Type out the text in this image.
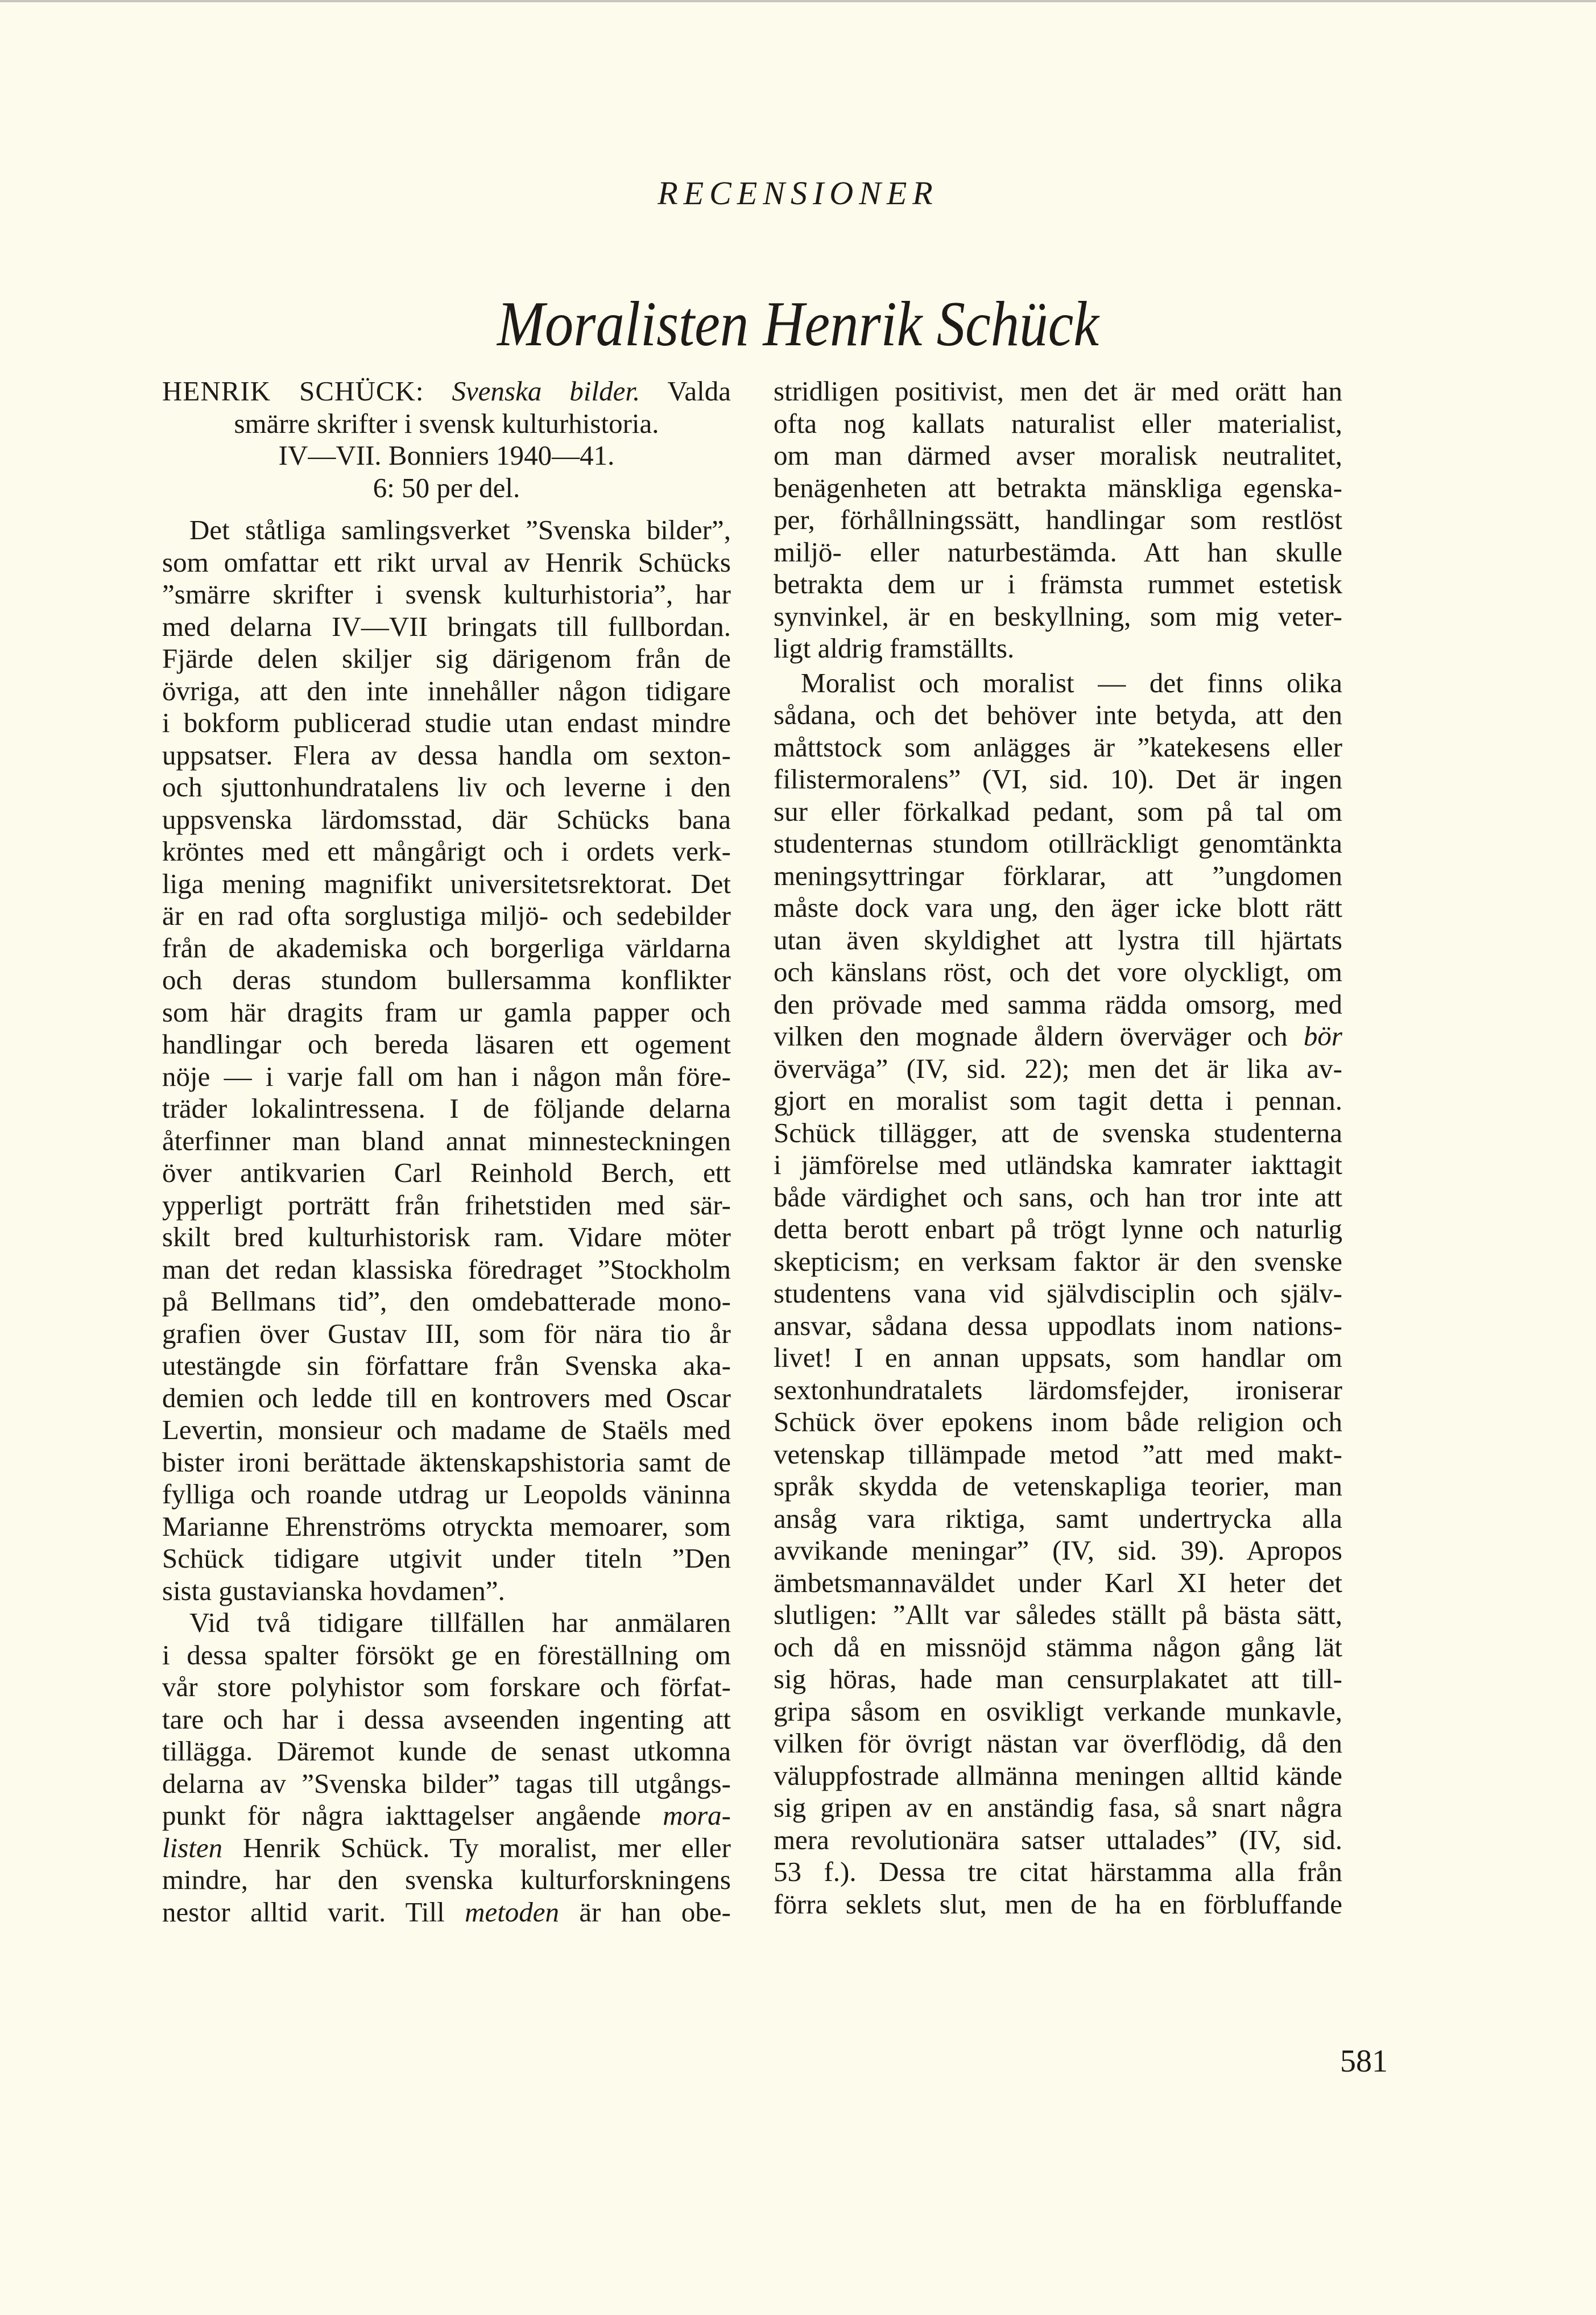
RECENSIONER
Moralisten Henrik Schück
HENRIK SCHÜCK: Svenska bilder. Valda
smärre skrifter i svensk kulturhistoria.
IV—VII. Bonniers 1940—41.
6: 50 per del.
Det ståtliga samlingsverket ”Svenska bilder”,
som omfattar ett rikt urval av Henrik Schücks
”smärre skrifter i svensk kulturhistoria”, har
med delarna IV—VII bringats till fullbordan.
Fjärde delen skiljer sig därigenom från de
övriga, att den inte innehåller någon tidigare
i bokform publicerad studie utan endast mindre
uppsatser. Flera av dessa handla om sexton-
och sjuttonhundratalens liv och leverne i den
uppsvenska lärdomsstad, där Schücks bana
kröntes med ett mångårigt och i ordets verk-
liga mening magnifikt universitetsrektorat. Det
är en rad ofta sorglustiga miljö- och sedebilder
från de akademiska och borgerliga världarna
och deras stundom bullersamma konflikter
som här dragits fram ur gamla papper och
handlingar och bereda läsaren ett ogement
nöje — i varje fall om han i någon mån före-
träder lokalintressena. I de följande delarna
återfinner man bland annat minnesteckningen
över antikvarien Carl Reinhold Berch, ett
ypperligt porträtt från frihetstiden med sär-
skilt bred kulturhistorisk ram. Vidare möter
man det redan klassiska föredraget ”Stockholm
på Bellmans tid”, den omdebatterade mono-
grafien över Gustav III, som för nära tio år
utestängde sin författare från Svenska aka-
demien och ledde till en kontrovers med Oscar
Levertin, monsieur och madame de Staëls med
bister ironi berättade äktenskapshistoria samt de
fylliga och roande utdrag ur Leopolds väninna
Marianne Ehrenströms otryckta memoarer, som
Schück tidigare utgivit under titeln ”Den
sista gustavianska hovdamen”.
Vid två tidigare tillfällen har anmälaren
i dessa spalter försökt ge en föreställning om
vår store polyhistor som forskare och förfat-
tare och har i dessa avseenden ingenting att
tillägga. Däremot kunde de senast utkomna
delarna av ”Svenska bilder” tagas till utgångs-
punkt för några iakttagelser angående mora-
listen Henrik Schück. Ty moralist, mer eller
mindre, har den svenska kulturforskningens
nestor alltid varit. Till metoden är han obe-
stridligen positivist, men det är med orätt han
ofta nog kallats naturalist eller materialist,
om man därmed avser moralisk neutralitet,
benägenheten att betrakta mänskliga egenska-
per, förhållningssätt, handlingar som restlöst
miljö- eller naturbestämda. Att han skulle
betrakta dem ur i främsta rummet estetisk
synvinkel, är en beskyllning, som mig veter-
ligt aldrig framställts.
Moralist och moralist — det finns olika
sådana, och det behöver inte betyda, att den
måttstock som anlägges är ”katekesens eller
filistermoralens” (VI, sid. 10). Det är ingen
sur eller förkalkad pedant, som på tal om
studenternas stundom otillräckligt genomtänkta
meningsyttringar förklarar, att ”ungdomen
måste dock vara ung, den äger icke blott rätt
utan även skyldighet att lystra till hjärtats
och känslans röst, och det vore olyckligt, om
den prövade med samma rädda omsorg, med
vilken den mognade åldern överväger och bör
överväga” (IV, sid. 22); men det är lika av-
gjort en moralist som tagit detta i pennan.
Schück tillägger, att de svenska studenterna
i jämförelse med utländska kamrater iakttagit
både värdighet och sans, och han tror inte att
detta berott enbart på trögt lynne och naturlig
skepticism; en verksam faktor är den svenske
studentens vana vid självdisciplin och själv-
ansvar, sådana dessa uppodlats inom nations-
livet! I en annan uppsats, som handlar om
sextonhundratalets lärdomsfejder, ironiserar
Schück över epokens inom både religion och
vetenskap tillämpade metod ”att med makt-
språk skydda de vetenskapliga teorier, man
ansåg vara riktiga, samt undertrycka alla
avvikande meningar” (IV, sid. 39). Apropos
ämbetsmannaväldet under Karl XI heter det
slutligen: ”Allt var således ställt på bästa sätt,
och då en missnöjd stämma någon gång lät
sig höras, hade man censurplakatet att till-
gripa såsom en osvikligt verkande munkavle,
vilken för övrigt nästan var överflödig, då den
väluppfostrade allmänna meningen alltid kände
sig gripen av en anständig fasa, så snart några
mera revolutionära satser uttalades” (IV, sid.
53 f.). Dessa tre citat härstamma alla från
förra seklets slut, men de ha en förbluffande
581
